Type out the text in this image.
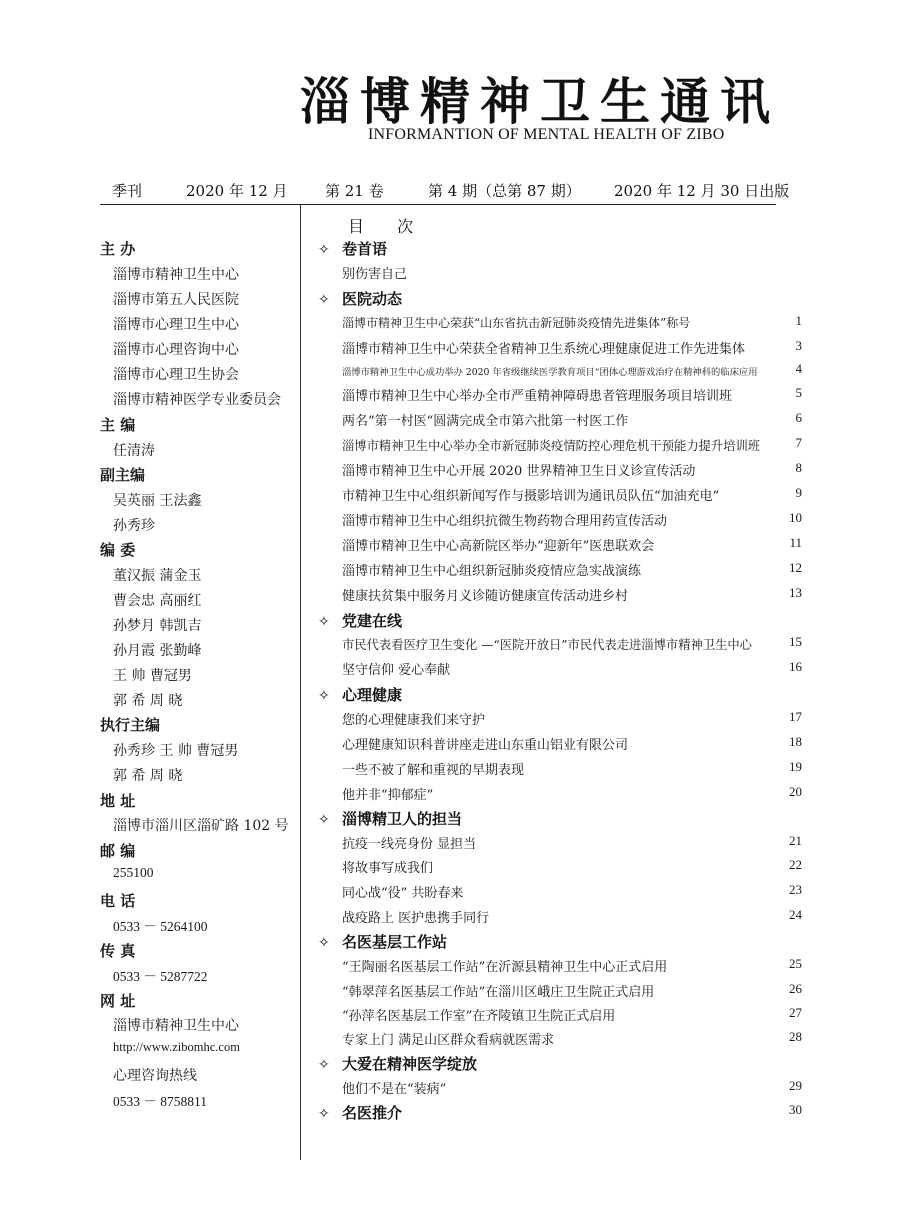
淄博精神卫生通讯
INFORMANTION OF MENTAL HEALTH OF ZIBO
季刊	2020 年 12 月 第 21 卷	第 4 期（总第 87 期） 2020 年 12 月 30 日出版
主 办
淄博市精神卫生中心
淄博市第五人民医院
淄博市心理卫生中心
淄博市心理咨询中心
淄博市心理卫生协会
淄博市精神医学专业委员会
主 编
任清涛
副主编
吴英丽 王法鑫
孙秀珍
编 委
董汉振 蒲金玉
曹会忠 高丽红
孙梦月 韩凯吉
孙月霞 张勤峰
王 帅 曹冠男
郭 希 周 晓
执行主编
孙秀珍 王 帅 曹冠男
郭 希 周 晓
地 址
淄博市淄川区淄矿路 102 号
邮 编
255100
电 话
0533 － 5264100
传 真
0533 － 5287722
网 址
淄博市精神卫生中心
http://www.zibomhc.com
心理咨询热线
0533 － 8758811
目 次
✧ 卷首语
别伤害自己
✧ 医院动态
淄博市精神卫生中心荣获“山东省抗击新冠肺炎疫情先进集体”称号	1
淄博市精神卫生中心荣获全省精神卫生系统心理健康促进工作先进集体	3
淄博市精神卫生中心成功举办 2020 年省级继续医学教育项目“团体心理游戏治疗在精神科的临床应用	4
淄博市精神卫生中心举办全市严重精神障碍患者管理服务项目培训班	5
两名“第一村医“圆满完成全市第六批第一村医工作	6
淄博市精神卫生中心举办全市新冠肺炎疫情防控心理危机干预能力提升培训班	7
淄博市精神卫生中心开展 2020 世界精神卫生日义诊宣传活动	8
市精神卫生中心组织新闻写作与摄影培训为通讯员队伍“加油充电”	9
淄博市精神卫生中心组织抗微生物药物合理用药宣传活动	10
淄博市精神卫生中心高新院区举办“迎新年”医患联欢会	11
淄博市精神卫生中心组织新冠肺炎疫情应急实战演练	12
健康扶贫集中服务月义诊随访健康宣传活动进乡村	13
✧ 党建在线
市民代表看医疗卫生变化 —“医院开放日”市民代表走进淄博市精神卫生中心	15
坚守信仰 爱心奉献	16
✧ 心理健康
您的心理健康我们来守护	17
心理健康知识科普讲座走进山东重山铝业有限公司	18
一些不被了解和重视的早期表现	19
他并非“抑郁症”	20
✧ 淄博精卫人的担当
抗疫一线亮身份 显担当	21
将故事写成我们	22
同心战“役” 共盼春来	23
战疫路上 医护患携手同行	24
✧ 名医基层工作站
“王陶丽名医基层工作站”在沂源县精神卫生中心正式启用	25
“韩翠萍名医基层工作站”在淄川区峨庄卫生院正式启用	26
“孙萍名医基层工作室”在齐陵镇卫生院正式启用	27
专家上门 满足山区群众看病就医需求	28
✧ 大爱在精神医学绽放
他们不是在“装病”	29
✧ 名医推介	30
